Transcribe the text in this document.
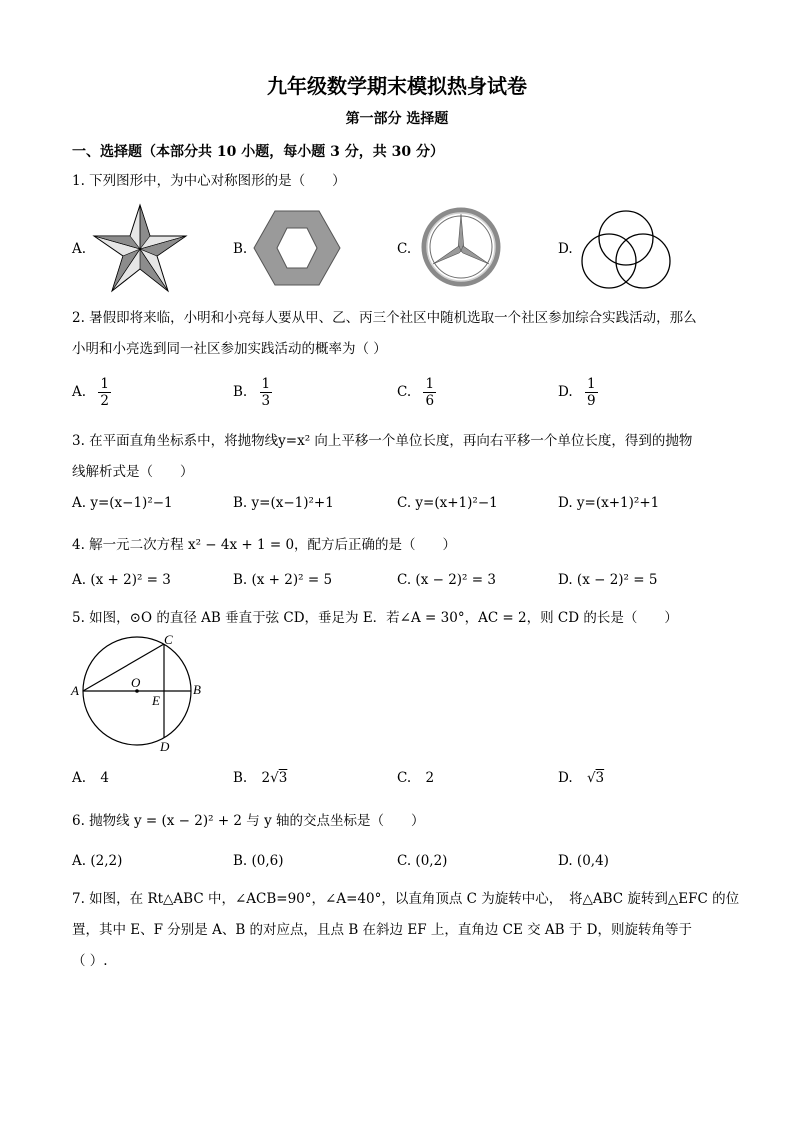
九年级数学期末模拟热身试卷
第一部分 选择题
一、选择题（本部分共 10 小题，每小题 3 分，共 30 分）
1. 下列图形中，为中心对称图形的是（　　）
A.	B.	C.	D.
2. 暑假即将来临，小明和小亮每人要从甲、乙、丙三个社区中随机选取一个社区参加综合实践活动，那么
小明和小亮选到同一社区参加实践活动的概率为（ ）
A. $\frac{1}{2}$	B. $\frac{1}{3}$	C. $\frac{1}{6}$	D. $\frac{1}{9}$
3. 在平面直角坐标系中，将抛物线y=x² 向上平移一个单位长度，再向右平移一个单位长度，得到的抛物
线解析式是（　　）
A. y=(x−1)²−1	B. y=(x−1)²+1	C. y=(x+1)²−1	D. y=(x+1)²+1
4. 解一元二次方程 x² − 4x + 1 = 0，配方后正确的是（　　）
A. (x + 2)² = 3	B. (x + 2)² = 5	C. (x − 2)² = 3	D. (x − 2)² = 5
5. 如图，⊙O 的直径 AB 垂直于弦 CD，垂足为 E．若∠A = 30°，AC = 2，则 CD 的长是（　　）
A	B
C
D
O
E
A. 4	B. 2√3	C. 2	D. √3
6. 抛物线 y = (x − 2)² + 2 与 y 轴的交点坐标是（　　）
A. (2,2)	B. (0,6)	C. (0,2)	D. (0,4)
7. 如图，在 Rt△ABC 中，∠ACB=90°，∠A=40°，以直角顶点 C 为旋转中心，　将△ABC 旋转到△EFC 的位
置，其中 E、F 分别是 A、B 的对应点，且点 B 在斜边 EF 上，直角边 CE 交 AB 于 D，则旋转角等于
（ ）.
